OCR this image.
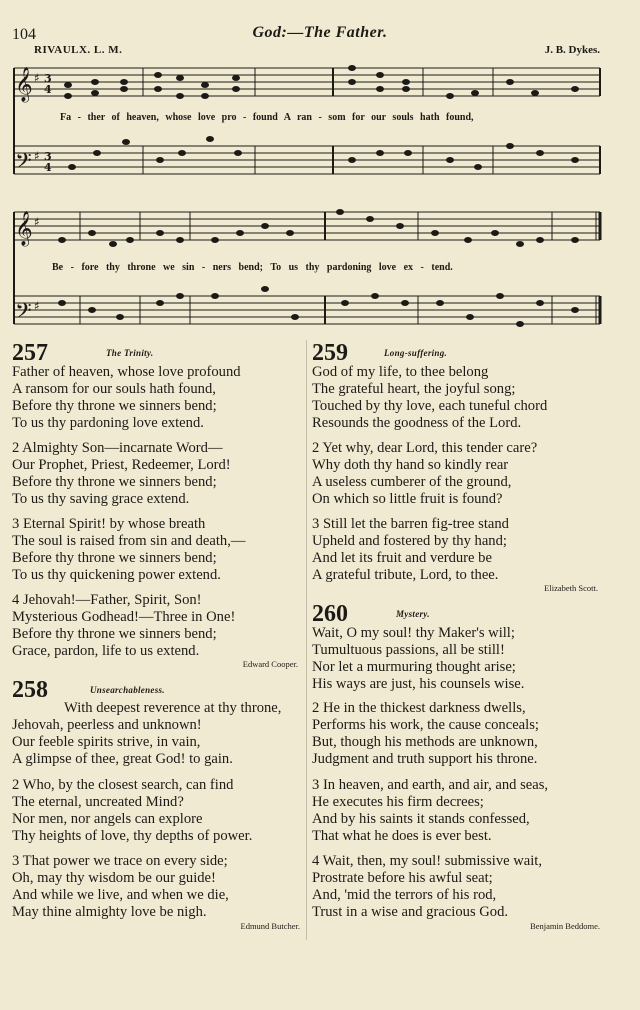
104	God:—The Father.
RIVAULX. L. M.	J. B. Dykes.
𝄞
𝄢
♯
♯
3
4
3
4
Fa - ther of heaven, whose love pro - found A ran - som for our souls hath found,
𝄞
𝄢
♯
♯
Be - fore thy throne we sin - ners bend; To us thy pardoning love ex - tend.
257	The Trinity.
Father of heaven, whose love profound
A ransom for our souls hath found,
Before thy throne we sinners bend;
To us thy pardoning love extend.
2 Almighty Son—incarnate Word—
Our Prophet, Priest, Redeemer, Lord!
Before thy throne we sinners bend;
To us thy saving grace extend.
3 Eternal Spirit! by whose breath
The soul is raised from sin and death,—
Before thy throne we sinners bend;
To us thy quickening power extend.
4 Jehovah!—Father, Spirit, Son!
Mysterious Godhead!—Three in One!
Before thy throne we sinners bend;
Grace, pardon, life to us extend.
Edward Cooper.
258	Unsearchableness.
With deepest reverence at thy throne,
Jehovah, peerless and unknown!
Our feeble spirits strive, in vain,
A glimpse of thee, great God! to gain.
2 Who, by the closest search, can find
The eternal, uncreated Mind?
Nor men, nor angels can explore
Thy heights of love, thy depths of power.
3 That power we trace on every side;
Oh, may thy wisdom be our guide!
And while we live, and when we die,
May thine almighty love be nigh.
Edmund Butcher.
259	Long-suffering.
God of my life, to thee belong
The grateful heart, the joyful song;
Touched by thy love, each tuneful chord
Resounds the goodness of the Lord.
2 Yet why, dear Lord, this tender care?
Why doth thy hand so kindly rear
A useless cumberer of the ground,
On which so little fruit is found?
3 Still let the barren fig-tree stand
Upheld and fostered by thy hand;
And let its fruit and verdure be
A grateful tribute, Lord, to thee.
Elizabeth Scott.
260	Mystery.
Wait, O my soul! thy Maker's will;
Tumultuous passions, all be still!
Nor let a murmuring thought arise;
His ways are just, his counsels wise.
2 He in the thickest darkness dwells,
Performs his work, the cause conceals;
But, though his methods are unknown,
Judgment and truth support his throne.
3 In heaven, and earth, and air, and seas,
He executes his firm decrees;
And by his saints it stands confessed,
That what he does is ever best.
4 Wait, then, my soul! submissive wait,
Prostrate before his awful seat;
And, 'mid the terrors of his rod,
Trust in a wise and gracious God.
Benjamin Beddome.
